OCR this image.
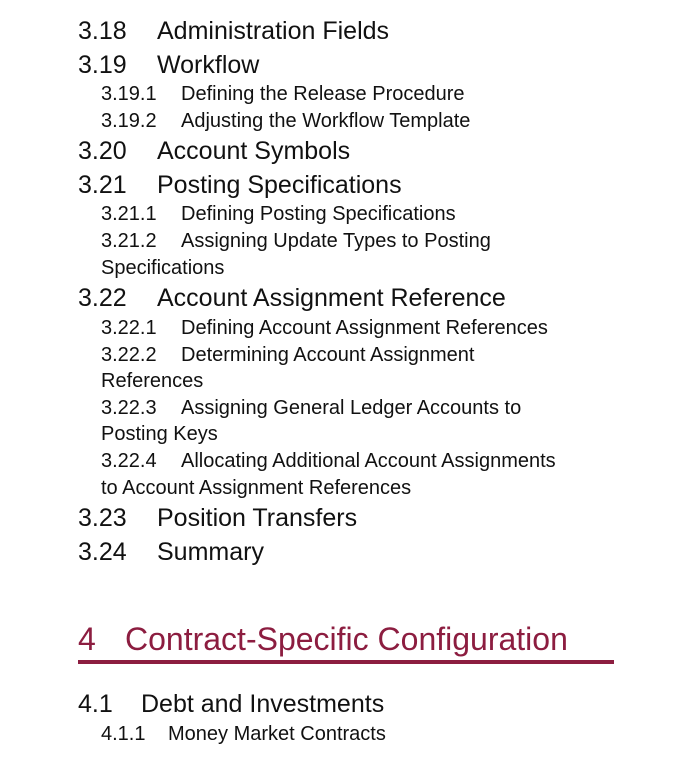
3.18 Administration Fields
3.19 Workflow
3.19.1 Defining the Release Procedure
3.19.2 Adjusting the Workflow Template
3.20 Account Symbols
3.21 Posting Specifications
3.21.1 Defining Posting Specifications
3.21.2 Assigning Update Types to Posting
Specifications
3.22 Account Assignment Reference
3.22.1 Defining Account Assignment References
3.22.2 Determining Account Assignment
References
3.22.3 Assigning General Ledger Accounts to
Posting Keys
3.22.4 Allocating Additional Account Assignments
to Account Assignment References
3.23 Position Transfers
3.24 Summary
4 Contract-Specific Configuration
4.1 Debt and Investments
4.1.1 Money Market Contracts
